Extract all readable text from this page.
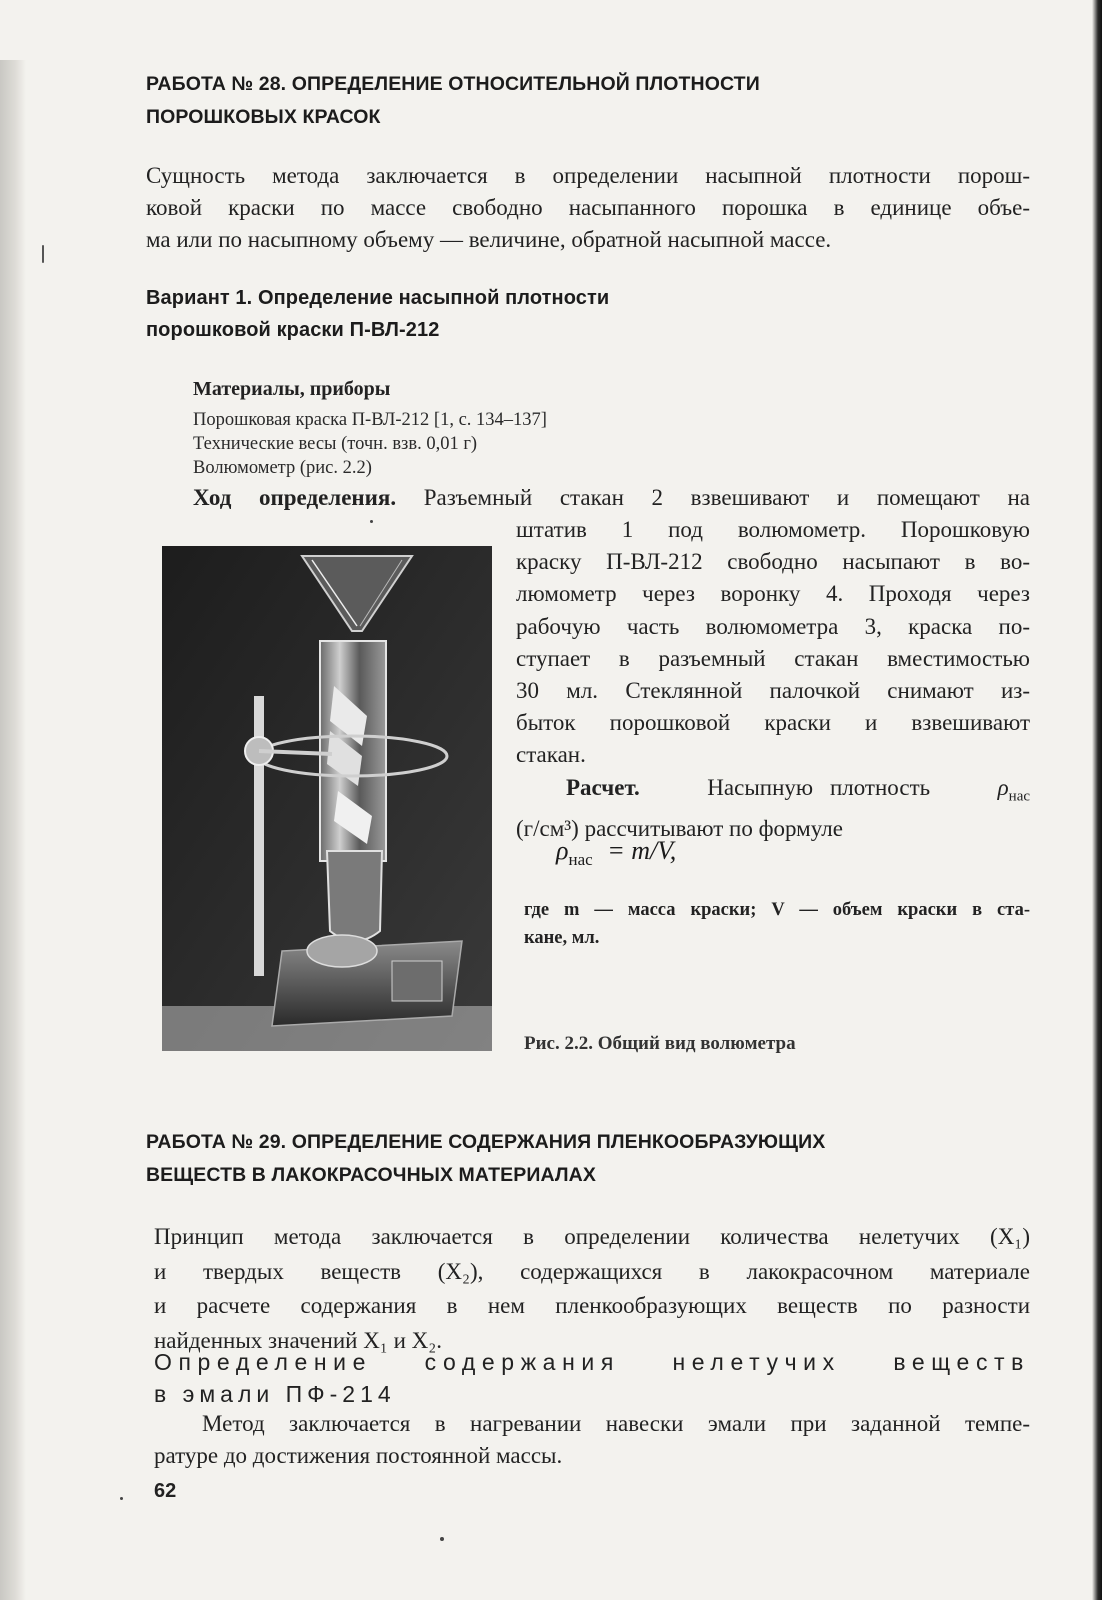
РАБОТА № 28. ОПРЕДЕЛЕНИЕ ОТНОСИТЕЛЬНОЙ ПЛОТНОСТИ
ПОРОШКОВЫХ КРАСОК
Сущность метода заключается в определении насыпной плотности порош-
ковой краски по массе свободно насыпанного порошка в единице объе-
ма или по насыпному объему — величине, обратной насыпной массе.
Вариант 1. Определение насыпной плотности
порошковой краски П-ВЛ-212
Материалы, приборы
Порошковая краска П-ВЛ-212 [1, с. 134–137]
Технические весы (точн. взв. 0,01 г)
Волюмометр (рис. 2.2)
Ход определения. Разъемный стакан 2 взвешивают и помещают на
штатив 1 под волюмометр. Порошковую
краску П-ВЛ-212 свободно насыпают в во-
люмометр через воронку 4. Проходя через
рабочую часть волюмометра 3, краска по-
ступает в разъемный стакан вместимостью
30 мл. Стеклянной палочкой снимают из-
быток порошковой краски и взвешивают
стакан.
Расчет.	Насыпную плотность	$\rho_{нас}$
(г/см³) рассчитывают по формуле
$\rho_{нас} = m/V$,
где m — масса краски; V — объем краски в ста-
кане, мл.
Рис. 2.2. Общий вид волюметра
РАБОТА № 29. ОПРЕДЕЛЕНИЕ СОДЕРЖАНИЯ ПЛЕНКООБРАЗУЮЩИХ
ВЕЩЕСТВ В ЛАКОКРАСОЧНЫХ МАТЕРИАЛАХ
Принцип метода заключается в определении количества нелетучих (X₁)
и твердых веществ (X₂), содержащихся в лакокрасочном материале
и расчете содержания в нем пленкообразующих веществ по разности
найденных значений X₁ и X₂.
Определение содержания нелетучих веществ
в эмали ПФ-214
Метод заключается в нагревании навески эмали при заданной темпе-
ратуре до достижения постоянной массы.
62
